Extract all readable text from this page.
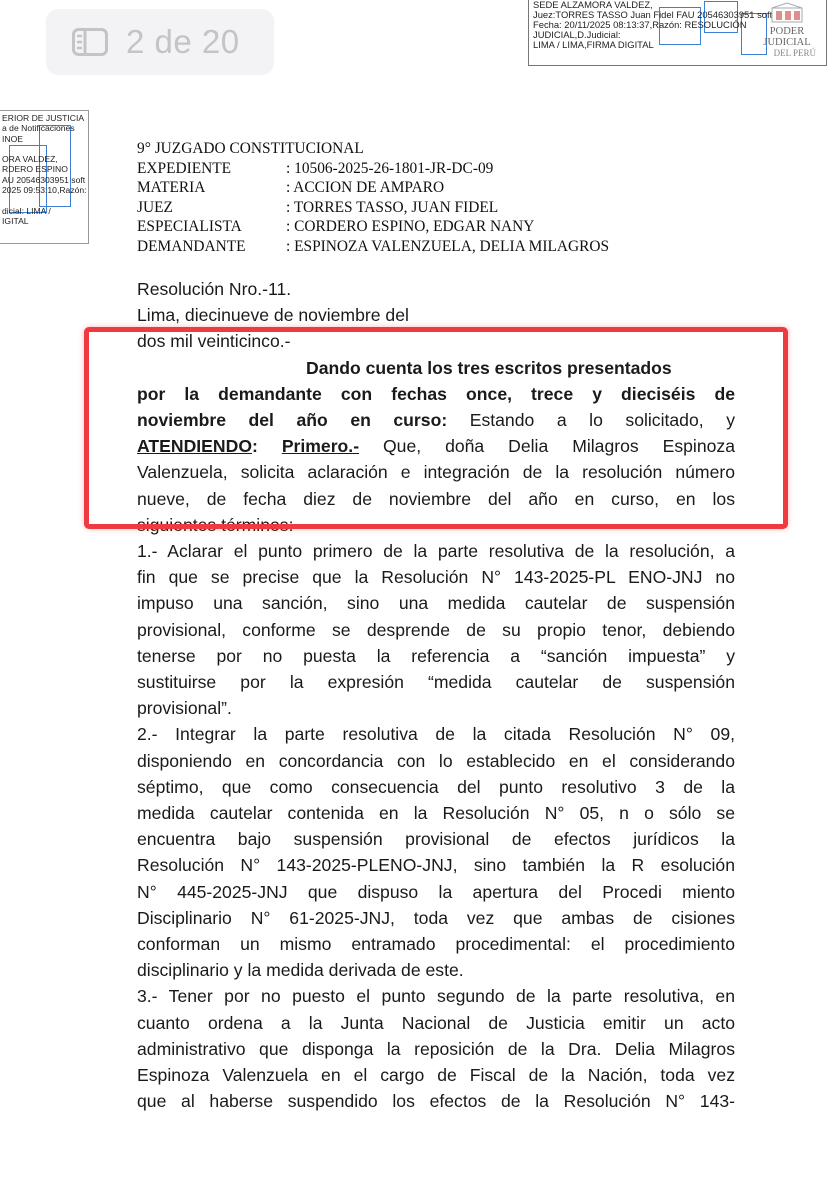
2 de 20
SEDE ALZAMORA VALDEZ,
Juez:TORRES TASSO Juan Fidel FAU 20546303951 soft
Fecha: 20/11/2025 08:13:37,Razón: RESOLUCIÓN JUDICIAL,D.Judicial:
LIMA / LIMA,FIRMA DIGITAL
PODER JUDICIAL
DEL PERÚ
ERIOR DE JUSTICIA
a de Notificaciones
INOE

ORA VALDEZ,
RDERO ESPINO
AU 20546303951 soft
2025 09:53:10,Razón:

dicial: LIMA /
IGITAL
9° JUZGADO CONSTITUCIONAL
EXPEDIENTE	: 10506-2025-26-1801-JR-DC-09
MATERIA	: ACCION DE AMPARO
JUEZ	: TORRES TASSO, JUAN FIDEL
ESPECIALISTA	: CORDERO ESPINO, EDGAR NANY
DEMANDANTE	: ESPINOZA VALENZUELA, DELIA MILAGROS
Resolución Nro.-11.
Lima, diecinueve de noviembre del
dos mil veinticinco.-
Dando cuenta los tres escritos presentados
por la demandante con fechas once, trece y dieciséis de
noviembre del año en curso: Estando a lo solicitado, y
ATENDIENDO: Primero.- Que, doña Delia Milagros Espinoza
Valenzuela, solicita aclaración e integración de la resolución número
nueve, de fecha diez de noviembre del año en curso, en los
siguientes términos:
1.- Aclarar el punto primero de la parte resolutiva de la resolución, a
fin que se precise que la Resolución N° 143-2025-PL ENO-JNJ no
impuso una sanción, sino una medida cautelar de suspensión
provisional, conforme se desprende de su propio tenor, debiendo
tenerse por no puesta la referencia a “sanción impuesta” y
sustituirse por la expresión “medida cautelar de suspensión
provisional”.
2.- Integrar la parte resolutiva de la citada Resolución N° 09,
disponiendo en concordancia con lo establecido en el considerando
séptimo, que como consecuencia del punto resolutivo 3 de la
medida cautelar contenida en la Resolución N° 05, n o sólo se
encuentra bajo suspensión provisional de efectos jurídicos la
Resolución N° 143-2025-PLENO-JNJ, sino también la R esolución
N° 445-2025-JNJ que dispuso la apertura del Procedi miento
Disciplinario N° 61-2025-JNJ, toda vez que ambas de cisiones
conforman un mismo entramado procedimental: el procedimiento
disciplinario y la medida derivada de este.
3.- Tener por no puesto el punto segundo de la parte resolutiva, en
cuanto ordena a la Junta Nacional de Justicia emitir un acto
administrativo que disponga la reposición de la Dra. Delia Milagros
Espinoza Valenzuela en el cargo de Fiscal de la Nación, toda vez
que al haberse suspendido los efectos de la Resolución N° 143-
